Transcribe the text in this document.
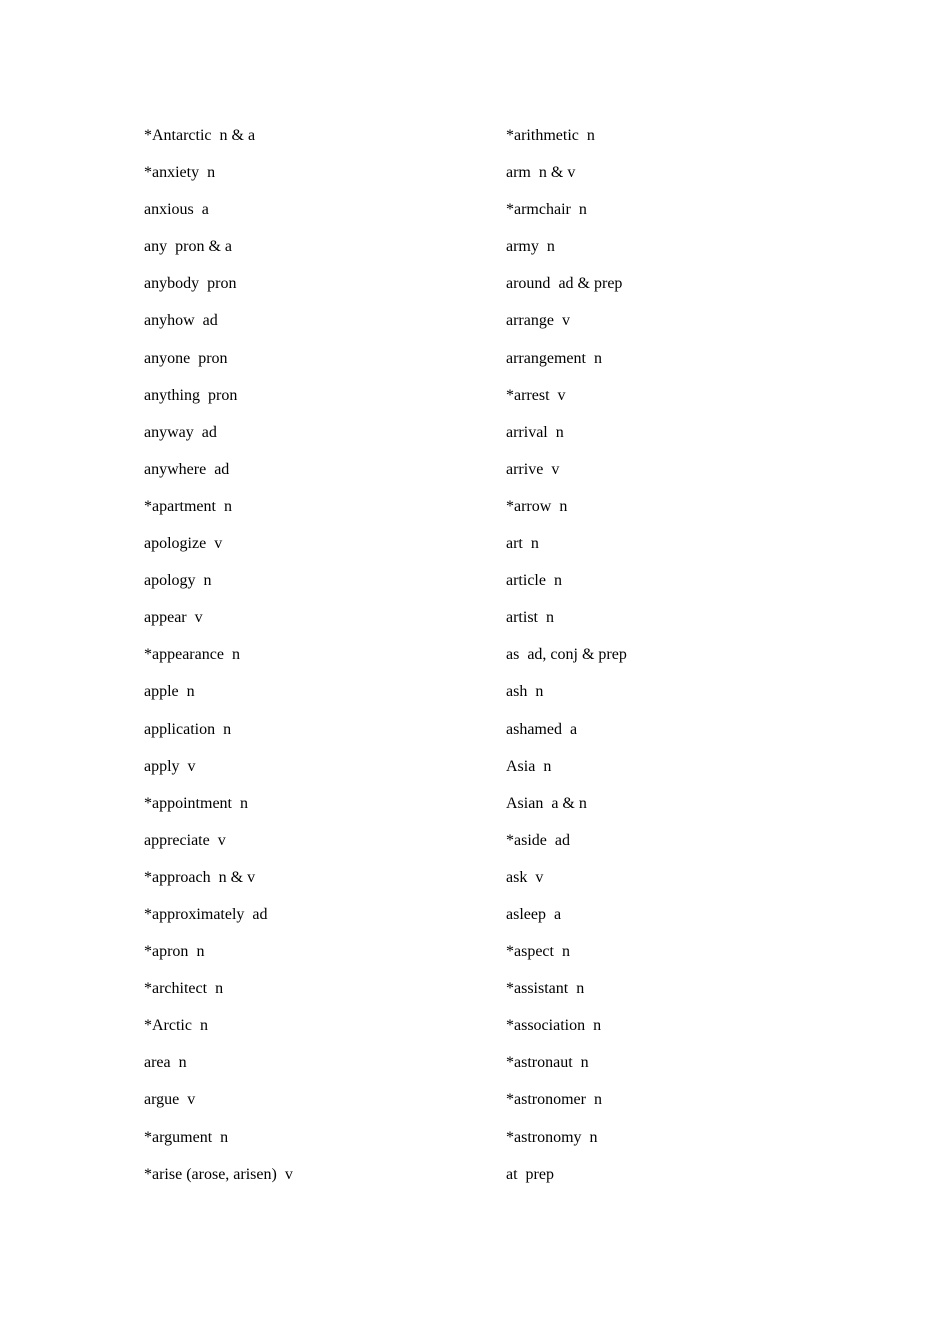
*Antarctic n & a
*anxiety n
anxious a
any pron & a
anybody pron
anyhow ad
anyone pron
anything pron
anyway ad
anywhere ad
*apartment n
apologize v
apology n
appear v
*appearance n
apple n
application n
apply v
*appointment n
appreciate v
*approach n & v
*approximately ad
*apron n
*architect n
*Arctic n
area n
argue v
*argument n
*arise (arose, arisen) v
*arithmetic n
arm n & v
*armchair n
army n
around ad & prep
arrange v
arrangement n
*arrest v
arrival n
arrive v
*arrow n
art n
article n
artist n
as ad, conj & prep
ash n
ashamed a
Asia n
Asian a & n
*aside ad
ask v
asleep a
*aspect n
*assistant n
*association n
*astronaut n
*astronomer n
*astronomy n
at prep
